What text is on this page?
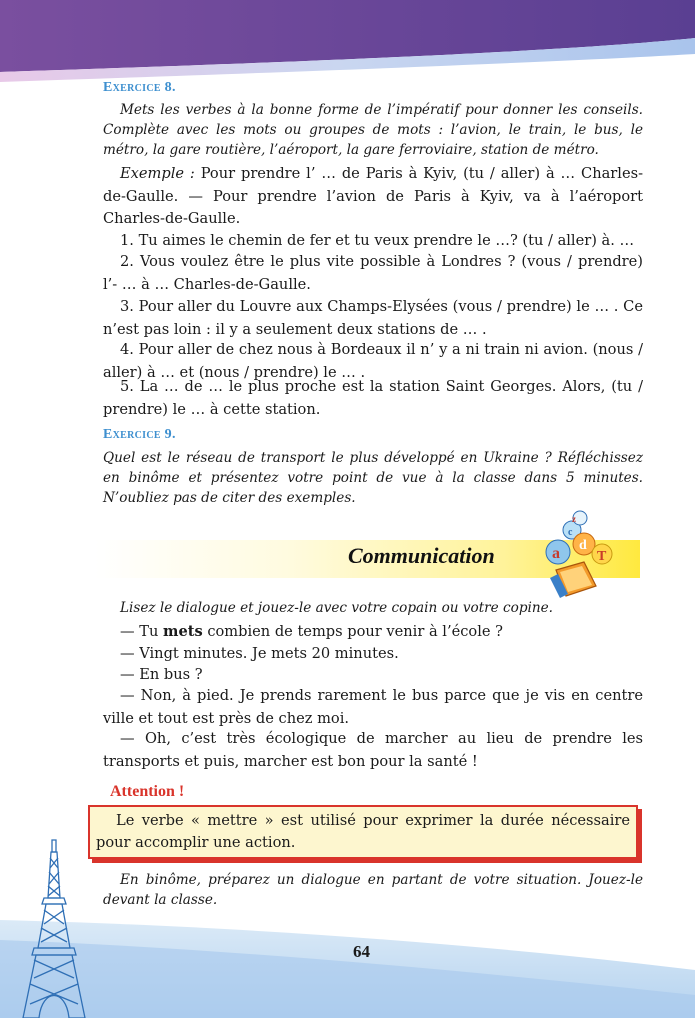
Exercice 8.
Mets les verbes à la bonne forme de l’impératif pour donner les conseils. Complète avec les mots ou groupes de mots : l’avion, le train, le bus, le métro, la gare routière, l’aéroport, la gare ferroviaire, station de métro.
Exemple : Pour prendre l’ … de Paris à Kyiv, (tu / aller) à … Charles-de-Gaulle. — Pour prendre l’avion de Paris à Kyiv, va à l’aéroport Charles-de-Gaulle.
1. Tu aimes le chemin de fer et tu veux prendre le …? (tu / aller) à. …
2. Vous voulez être le plus vite possible à Londres ? (vous / prendre) l’- … à … Charles-de-Gaulle.
3. Pour aller du Louvre aux Champs-Elysées (vous / prendre) le … . Ce n’est pas loin : il y a seulement deux stations de … .
4. Pour aller de chez nous à Bordeaux il n’ y a ni train ni avion. (nous / aller) à … et (nous / prendre) le … .
5. La … de … le plus proche est la station Saint Georges. Alors, (tu / prendre) le … à cette station.
Exercice 9.
Quel est le réseau de transport le plus développé en Ukraine ? Réfléchissez en binôme et présentez votre point de vue à la classe dans 5 minutes. N’oubliez pas de citer des exemples.
Communication
z
a
c
d
T
Lisez le dialogue et jouez-le avec votre copain ou votre copine.
— Tu mets combien de temps pour venir à l’école ?
— Vingt minutes. Je mets 20 minutes.
— En bus ?
— Non, à pied. Je prends rarement le bus parce que je vis en centre ville et tout est près de chez moi.
— Oh, c’est très écologique de marcher au lieu de prendre les transports et puis, marcher est bon pour la santé !
Attention !
Le verbe « mettre » est utilisé pour exprimer la durée nécessaire pour accomplir une action.
En binôme, préparez un dialogue en partant de votre situation. Jouez-le devant la classe.
64
